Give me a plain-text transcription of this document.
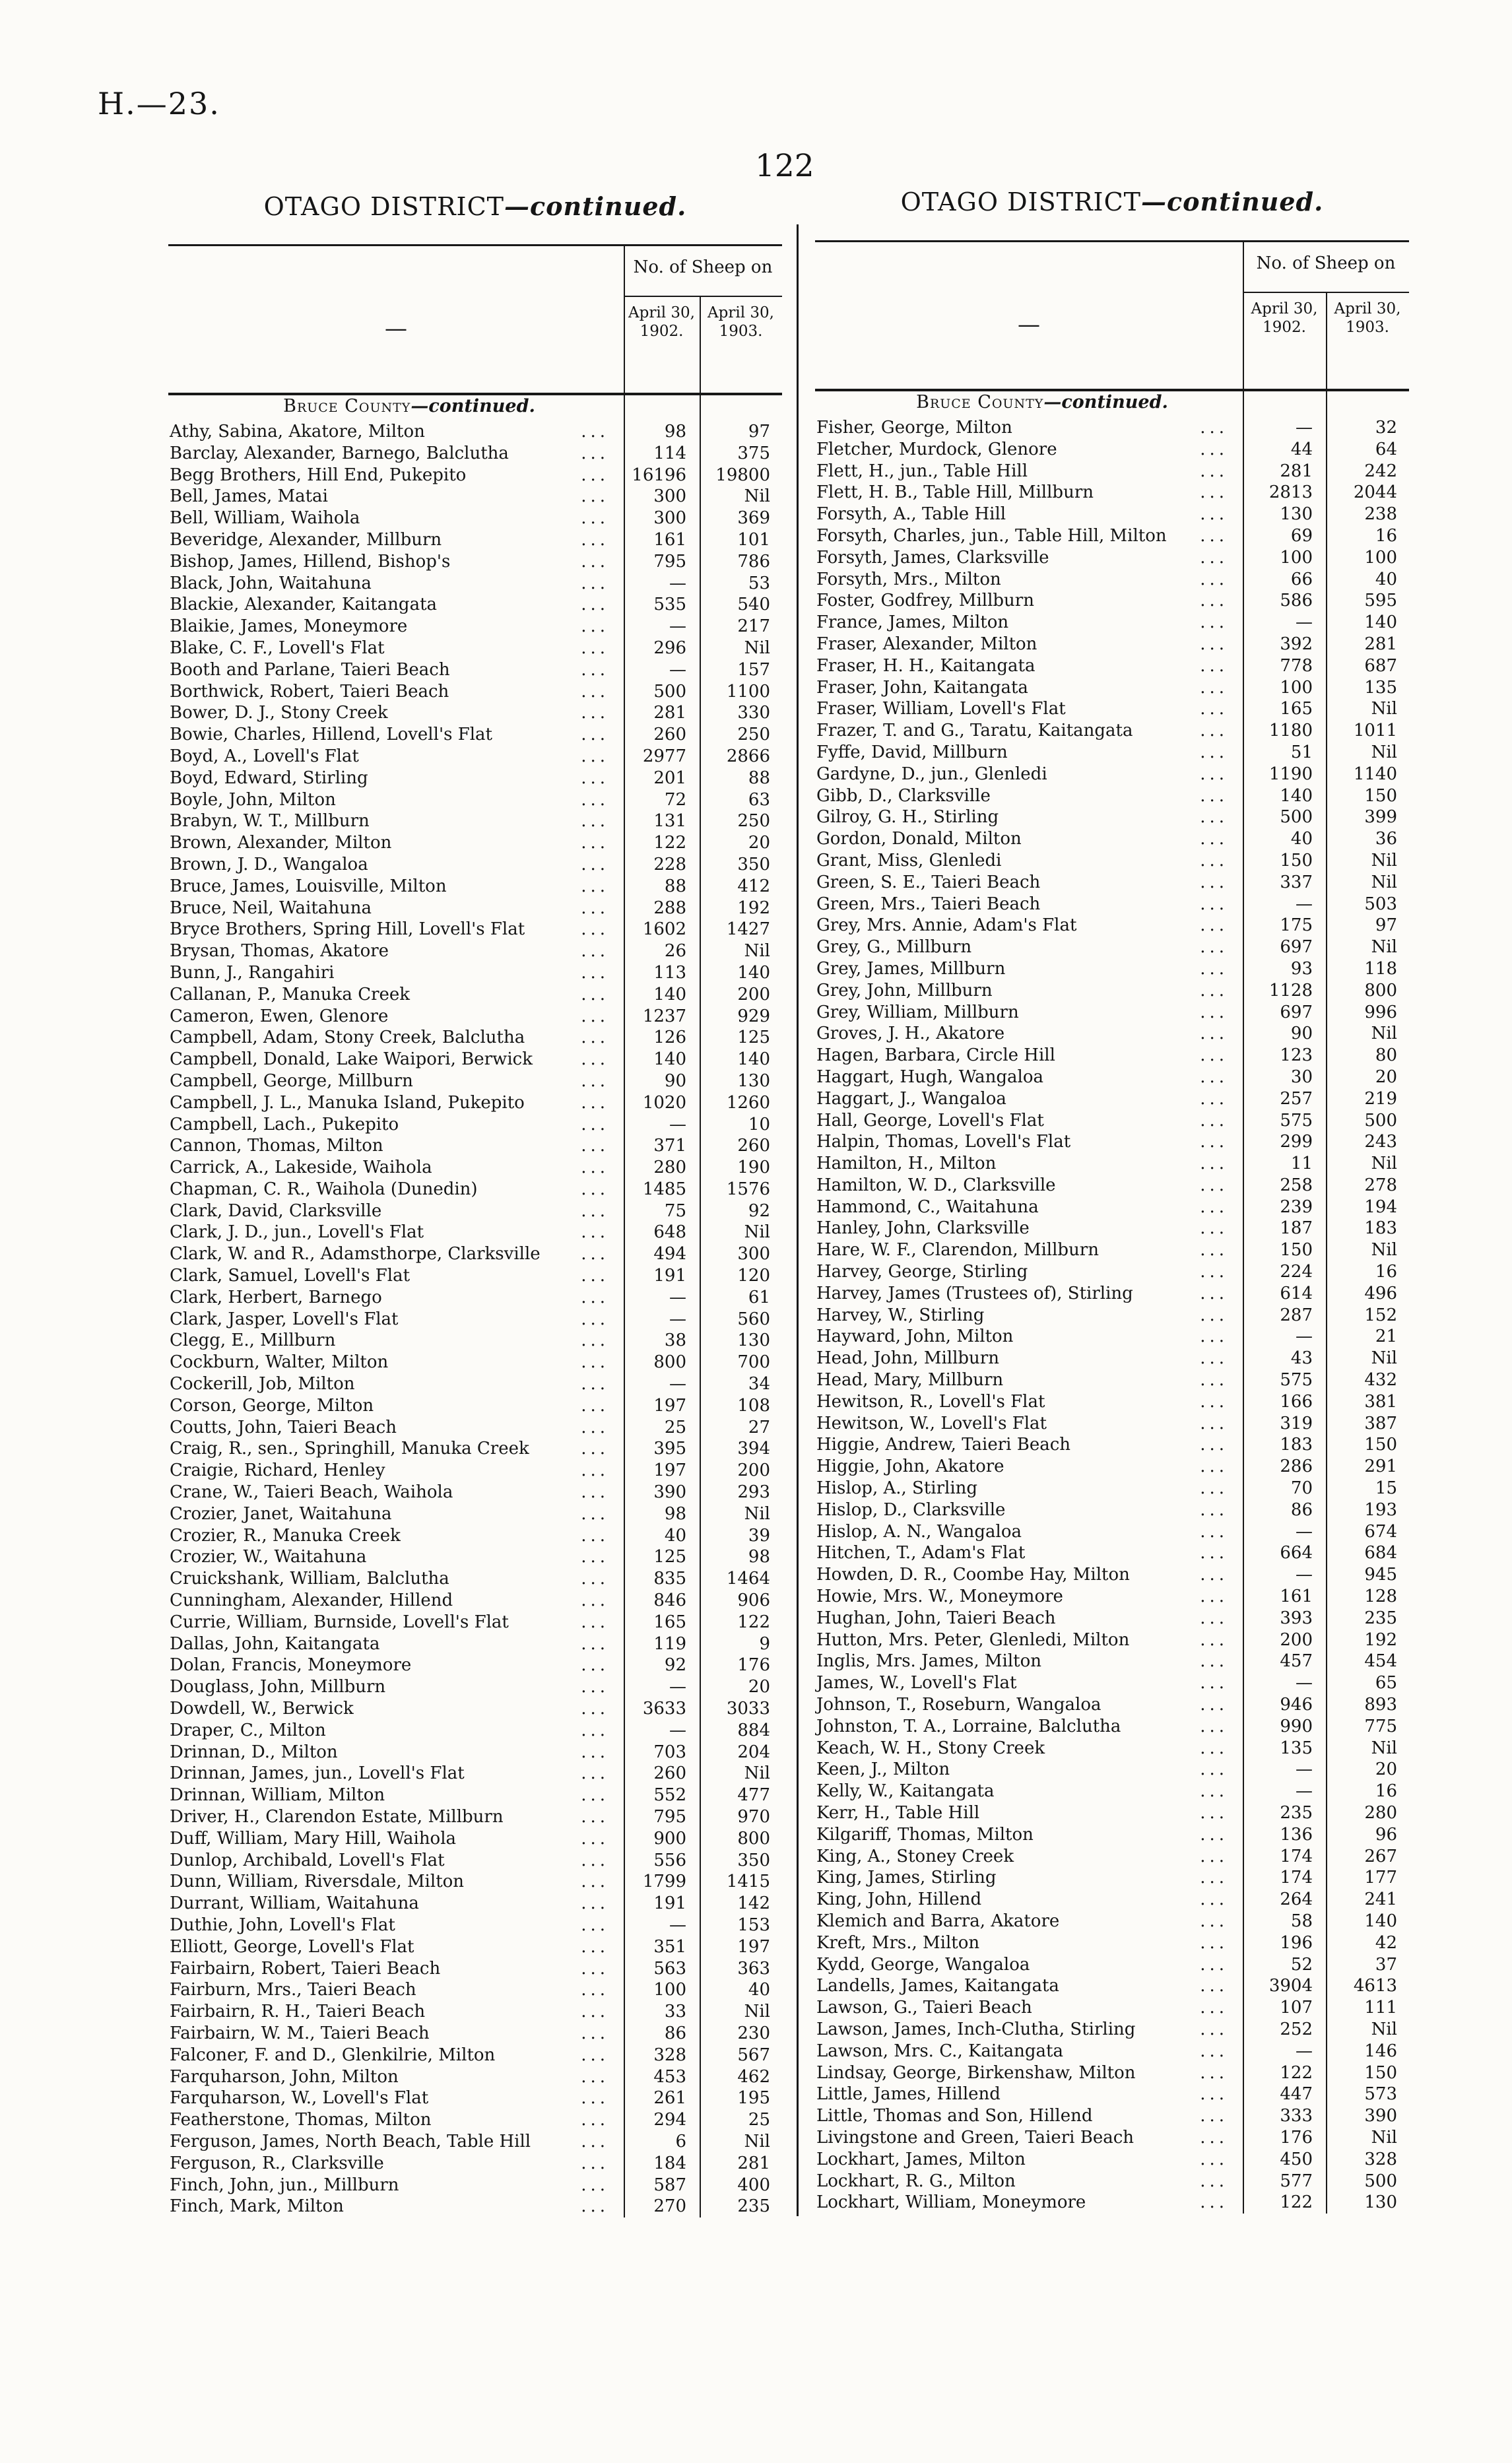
H.—23.
122
OTAGO DISTRICT—continued.	OTAGO DISTRICT—continued.
No. of Sheep on
—
April 30,
1902.
April 30,
1903.
Bruce County—continued.
Athy, Sabina, Akatore, Milton	...	98	97
Barclay, Alexander, Barnego, Balclutha	...	114	375
Begg Brothers, Hill End, Pukepito	...	16196	19800
Bell, James, Matai	...	300	Nil
Bell, William, Waihola	...	300	369
Beveridge, Alexander, Millburn	...	161	101
Bishop, James, Hillend, Bishop's	...	795	786
Black, John, Waitahuna	...	—	53
Blackie, Alexander, Kaitangata	...	535	540
Blaikie, James, Moneymore	...	—	217
Blake, C. F., Lovell's Flat	...	296	Nil
Booth and Parlane, Taieri Beach	...	—	157
Borthwick, Robert, Taieri Beach	...	500	1100
Bower, D. J., Stony Creek	...	281	330
Bowie, Charles, Hillend, Lovell's Flat	...	260	250
Boyd, A., Lovell's Flat	...	2977	2866
Boyd, Edward, Stirling	...	201	88
Boyle, John, Milton	...	72	63
Brabyn, W. T., Millburn	...	131	250
Brown, Alexander, Milton	...	122	20
Brown, J. D., Wangaloa	...	228	350
Bruce, James, Louisville, Milton	...	88	412
Bruce, Neil, Waitahuna	...	288	192
Bryce Brothers, Spring Hill, Lovell's Flat	...	1602	1427
Brysan, Thomas, Akatore	...	26	Nil
Bunn, J., Rangahiri	...	113	140
Callanan, P., Manuka Creek	...	140	200
Cameron, Ewen, Glenore	...	1237	929
Campbell, Adam, Stony Creek, Balclutha	...	126	125
Campbell, Donald, Lake Waipori, Berwick	...	140	140
Campbell, George, Millburn	...	90	130
Campbell, J. L., Manuka Island, Pukepito	...	1020	1260
Campbell, Lach., Pukepito	...	—	10
Cannon, Thomas, Milton	...	371	260
Carrick, A., Lakeside, Waihola	...	280	190
Chapman, C. R., Waihola (Dunedin)	...	1485	1576
Clark, David, Clarksville	...	75	92
Clark, J. D., jun., Lovell's Flat	...	648	Nil
Clark, W. and R., Adamsthorpe, Clarksville ...	494	300
Clark, Samuel, Lovell's Flat	...	191	120
Clark, Herbert, Barnego	...	—	61
Clark, Jasper, Lovell's Flat	...	—	560
Clegg, E., Millburn	...	38	130
Cockburn, Walter, Milton	...	800	700
Cockerill, Job, Milton	...	—	34
Corson, George, Milton	...	197	108
Coutts, John, Taieri Beach	...	25	27
Craig, R., sen., Springhill, Manuka Creek	...	395	394
Craigie, Richard, Henley	...	197	200
Crane, W., Taieri Beach, Waihola	...	390	293
Crozier, Janet, Waitahuna	...	98	Nil
Crozier, R., Manuka Creek	...	40	39
Crozier, W., Waitahuna	...	125	98
Cruickshank, William, Balclutha	...	835	1464
Cunningham, Alexander, Hillend	...	846	906
Currie, William, Burnside, Lovell's Flat	...	165	122
Dallas, John, Kaitangata	...	119	9
Dolan, Francis, Moneymore	...	92	176
Douglass, John, Millburn	...	—	20
Dowdell, W., Berwick	...	3633	3033
Draper, C., Milton	...	—	884
Drinnan, D., Milton	...	703	204
Drinnan, James, jun., Lovell's Flat	...	260	Nil
Drinnan, William, Milton	...	552	477
Driver, H., Clarendon Estate, Millburn	...	795	970
Duff, William, Mary Hill, Waihola	...	900	800
Dunlop, Archibald, Lovell's Flat	...	556	350
Dunn, William, Riversdale, Milton	...	1799	1415
Durrant, William, Waitahuna	...	191	142
Duthie, John, Lovell's Flat	...	—	153
Elliott, George, Lovell's Flat	...	351	197
Fairbairn, Robert, Taieri Beach	...	563	363
Fairburn, Mrs., Taieri Beach	...	100	40
Fairbairn, R. H., Taieri Beach	...	33	Nil
Fairbairn, W. M., Taieri Beach	...	86	230
Falconer, F. and D., Glenkilrie, Milton	...	328	567
Farquharson, John, Milton	...	453	462
Farquharson, W., Lovell's Flat	...	261	195
Featherstone, Thomas, Milton	...	294	25
Ferguson, James, North Beach, Table Hill	...	6	Nil
Ferguson, R., Clarksville	...	184	281
Finch, John, jun., Millburn	...	587	400
Finch, Mark, Milton	...	270	235
No. of Sheep on
—
April 30,
1902.
April 30,
1903.
Bruce County—continued.
Fisher, George, Milton	...	—	32
Fletcher, Murdock, Glenore	...	44	64
Flett, H., jun., Table Hill	...	281	242
Flett, H. B., Table Hill, Millburn	...	2813	2044
Forsyth, A., Table Hill	...	130	238
Forsyth, Charles, jun., Table Hill, Milton ...	69	16
Forsyth, James, Clarksville	...	100	100
Forsyth, Mrs., Milton	...	66	40
Foster, Godfrey, Millburn	...	586	595
France, James, Milton	...	—	140
Fraser, Alexander, Milton	...	392	281
Fraser, H. H., Kaitangata	...	778	687
Fraser, John, Kaitangata	...	100	135
Fraser, William, Lovell's Flat	...	165	Nil
Frazer, T. and G., Taratu, Kaitangata	...	1180	1011
Fyffe, David, Millburn	...	51	Nil
Gardyne, D., jun., Glenledi	...	1190	1140
Gibb, D., Clarksville	...	140	150
Gilroy, G. H., Stirling	...	500	399
Gordon, Donald, Milton	...	40	36
Grant, Miss, Glenledi	...	150	Nil
Green, S. E., Taieri Beach	...	337	Nil
Green, Mrs., Taieri Beach	...	—	503
Grey, Mrs. Annie, Adam's Flat	...	175	97
Grey, G., Millburn	...	697	Nil
Grey, James, Millburn	...	93	118
Grey, John, Millburn	...	1128	800
Grey, William, Millburn	...	697	996
Groves, J. H., Akatore	...	90	Nil
Hagen, Barbara, Circle Hill	...	123	80
Haggart, Hugh, Wangaloa	...	30	20
Haggart, J., Wangaloa	...	257	219
Hall, George, Lovell's Flat	...	575	500
Halpin, Thomas, Lovell's Flat	...	299	243
Hamilton, H., Milton	...	11	Nil
Hamilton, W. D., Clarksville	...	258	278
Hammond, C., Waitahuna	...	239	194
Hanley, John, Clarksville	...	187	183
Hare, W. F., Clarendon, Millburn	...	150	Nil
Harvey, George, Stirling	...	224	16
Harvey, James (Trustees of), Stirling	...	614	496
Harvey, W., Stirling	...	287	152
Hayward, John, Milton	...	—	21
Head, John, Millburn	...	43	Nil
Head, Mary, Millburn	...	575	432
Hewitson, R., Lovell's Flat	...	166	381
Hewitson, W., Lovell's Flat	...	319	387
Higgie, Andrew, Taieri Beach	...	183	150
Higgie, John, Akatore	...	286	291
Hislop, A., Stirling	...	70	15
Hislop, D., Clarksville	...	86	193
Hislop, A. N., Wangaloa	...	—	674
Hitchen, T., Adam's Flat	...	664	684
Howden, D. R., Coombe Hay, Milton	...	—	945
Howie, Mrs. W., Moneymore	...	161	128
Hughan, John, Taieri Beach	...	393	235
Hutton, Mrs. Peter, Glenledi, Milton	...	200	192
Inglis, Mrs. James, Milton	...	457	454
James, W., Lovell's Flat	...	—	65
Johnson, T., Roseburn, Wangaloa	...	946	893
Johnston, T. A., Lorraine, Balclutha	...	990	775
Keach, W. H., Stony Creek	...	135	Nil
Keen, J., Milton	...	—	20
Kelly, W., Kaitangata	...	—	16
Kerr, H., Table Hill	...	235	280
Kilgariff, Thomas, Milton	...	136	96
King, A., Stoney Creek	...	174	267
King, James, Stirling	...	174	177
King, John, Hillend	...	264	241
Klemich and Barra, Akatore	...	58	140
Kreft, Mrs., Milton	...	196	42
Kydd, George, Wangaloa	...	52	37
Landells, James, Kaitangata	...	3904	4613
Lawson, G., Taieri Beach	...	107	111
Lawson, James, Inch-Clutha, Stirling	...	252	Nil
Lawson, Mrs. C., Kaitangata	...	—	146
Lindsay, George, Birkenshaw, Milton	...	122	150
Little, James, Hillend	...	447	573
Little, Thomas and Son, Hillend	...	333	390
Livingstone and Green, Taieri Beach	...	176	Nil
Lockhart, James, Milton	...	450	328
Lockhart, R. G., Milton	...	577	500
Lockhart, William, Moneymore	...	122	130
